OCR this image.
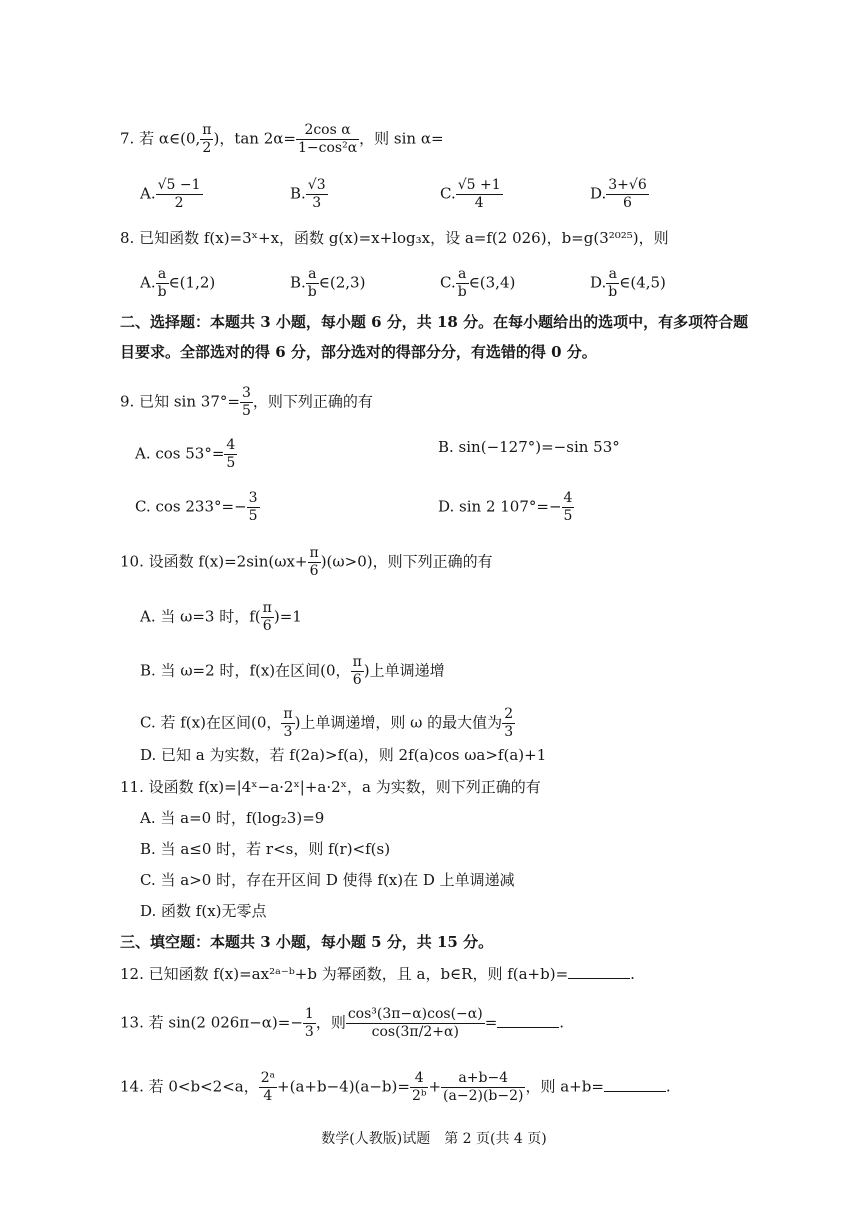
7. 若 α∈(0, $\frac{\pi}{2}$ )，$\tan 2\alpha= \frac{\text{2cos α}}{\text{1−cos²α}}$ ，则 sin α=
A. $\frac{√5 -1}{2}$	B. $\frac{√3}{3}$	C. $\frac{√5 +1}{4}$	D. $\frac{3+√6}{6}$
8. 已知函数 f(x)=3ˣ+x，函数 g(x)=x+log₃x，设 a=f(2 026)，b=g(3²⁰²⁵)，则
A. $\frac{a}{b}$ ∈(1,2)	B. $\frac{a}{b}$ ∈(2,3)	C. $\frac{a}{b}$ ∈(3,4)	D. $\frac{a}{b}$ ∈(4,5)
二、选择题：本题共 3 小题，每小题 6 分，共 18 分。在每小题给出的选项中，有多项符合题
目要求。全部选对的得 6 分，部分选对的得部分分，有选错的得 0 分。
9. 已知 $\sin 37^\circ= \frac{3}{5}$ ，则下列正确的有
A. $\cos 53^\circ= \frac{4}{5}$	B. sin(−127°)=−sin 53°
C. $\cos 233^\circ=- \frac{3}{5}$	D. sin 2 $107^\circ=- \frac{4}{5}$
10. 设函数 $f(x)=2\sin(\omega x+ \frac{\pi}{6} )(\omega>0)$，则下列正确的有
A. 当 ω=3 时，$f( \frac{\pi}{6} )=1$
B. 当 ω=2 时，f(x)在区间(0， $\frac{\pi}{6}$ )上单调递增
C. 若 f(x)在区间(0， $\frac{\pi}{3}$ )上单调递增，则 ω 的最大值为 $\frac{2}{3}$
D. 已知 a 为实数，若 f(2a)>f(a)，则 2f(a)cos ωa>f(a)+1
11. 设函数 f(x)=|4ˣ−a·2ˣ|+a·2ˣ，a 为实数，则下列正确的有
A. 当 a=0 时，f(log₂3)=9
B. 当 a≤0 时，若 r<s，则 f(r)<f(s)
C. 当 a>0 时，存在开区间 D 使得 f(x)在 D 上单调递减
D. 函数 f(x)无零点
三、填空题：本题共 3 小题，每小题 5 分，共 15 分。
12. 已知函数 f(x)=ax²ᵃ⁻ᵇ+b 为幂函数，且 a，b∈R，则 f(a+b)=	.
13. 若 sin(2 $026\pi-\alpha)=- \frac{1}{3}$ ，则 $\frac{\text{cos³(3π−α)cos(−α)}}{\cos(3\pi/2+\alpha)}$ =	.
14. 若 0<b<2<a， $\frac{\text{2ᵃ}}{4} +(a+b-4)(a-b)= \frac{4}{\text{2ᵇ}} + \frac{a+b-4}{(a-2)(b-2)}$ ，则 a+b=	.
数学(人教版)试题　第 2 页(共 4 页)
